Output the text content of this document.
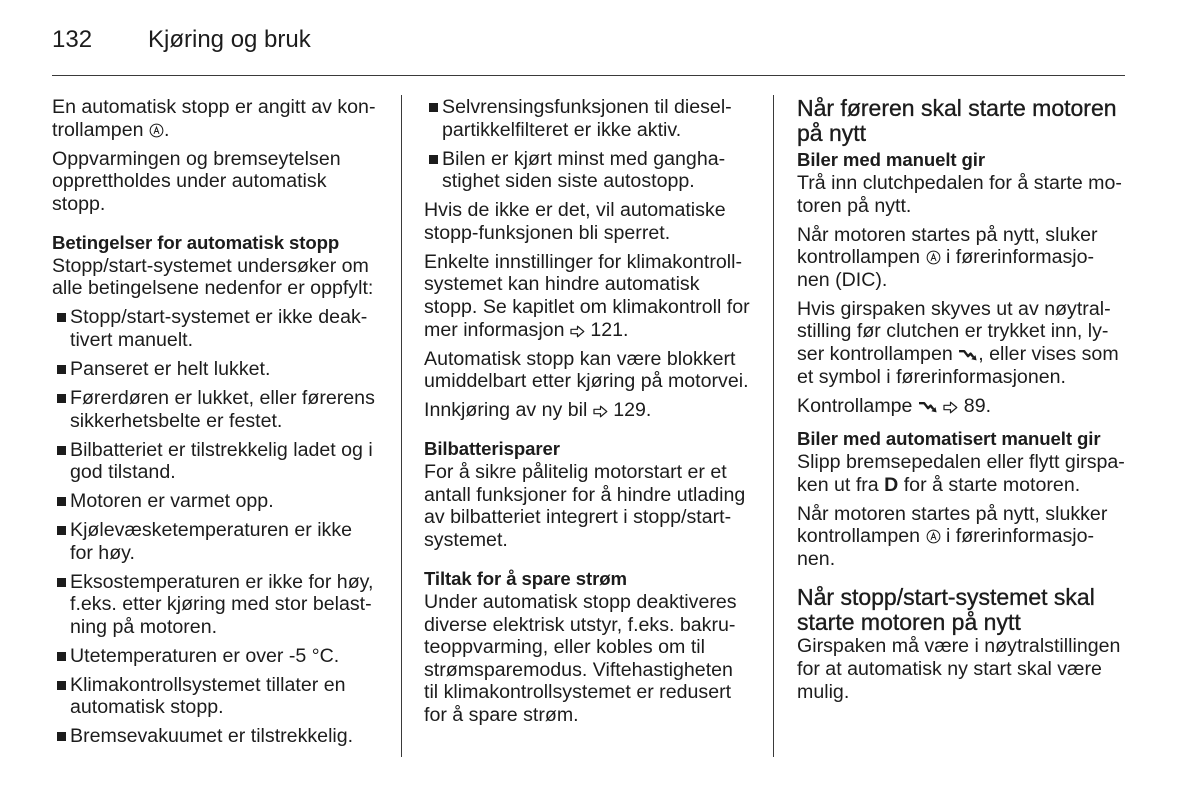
132 Kjøring og bruk
En automatisk stopp er angitt av kon-
trollampen
.
Oppvarmingen og bremseytelsen
opprettholdes under automatisk
stopp.
Betingelser for automatisk stopp
Stopp/start-systemet undersøker om
alle betingelsene nedenfor er oppfylt:
Stopp/start-systemet er ikke deak-
tivert manuelt.
Panseret er helt lukket.
Førerdøren er lukket, eller førerens
sikkerhetsbelte er festet.
Bilbatteriet er tilstrekkelig ladet og i
god tilstand.
Motoren er varmet opp.
Kjølevæsketemperaturen er ikke
for høy.
Eksostemperaturen er ikke for høy,
f.eks. etter kjøring med stor belast-
ning på motoren.
Utetemperaturen er over -5 °C.
Klimakontrollsystemet tillater en
automatisk stopp.
Bremsevakuumet er tilstrekkelig.
Selvrensingsfunksjonen til diesel-
partikkelfilteret er ikke aktiv.
Bilen er kjørt minst med gangha-
stighet siden siste autostopp.
Hvis de ikke er det, vil automatiske
stopp-funksjonen bli sperret.
Enkelte innstillinger for klimakontroll-
systemet kan hindre automatisk
stopp. Se kapitlet om klimakontroll for
mer informasjon
121.
Automatisk stopp kan være blokkert
umiddelbart etter kjøring på motorvei.
Innkjøring av ny bil
129.
Bilbatterisparer
For å sikre pålitelig motorstart er et
antall funksjoner for å hindre utlading
av bilbatteriet integrert i stopp/start-
systemet.
Tiltak for å spare strøm
Under automatisk stopp deaktiveres
diverse elektrisk utstyr, f.eks. bakru-
teoppvarming, eller kobles om til
strømsparemodus. Viftehastigheten
til klimakontrollsystemet er redusert
for å spare strøm.
Når føreren skal starte motoren
på nytt
Biler med manuelt gir
Trå inn clutchpedalen for å starte mo-
toren på nytt.
Når motoren startes på nytt, sluker
kontrollampen
i førerinformasjo-
nen (DIC).
Hvis girspaken skyves ut av nøytral-
stilling før clutchen er trykket inn, ly-
ser kontrollampen
, eller vises som
et symbol i førerinformasjonen.
Kontrollampe

89.
Biler med automatisert manuelt gir
Slipp bremsepedalen eller flytt girspa-
ken ut fra D for å starte motoren.
Når motoren startes på nytt, slukker
kontrollampen
i førerinformasjo-
nen.
Når stopp/start-systemet skal
starte motoren på nytt
Girspaken må være i nøytralstillingen
for at automatisk ny start skal være
mulig.
